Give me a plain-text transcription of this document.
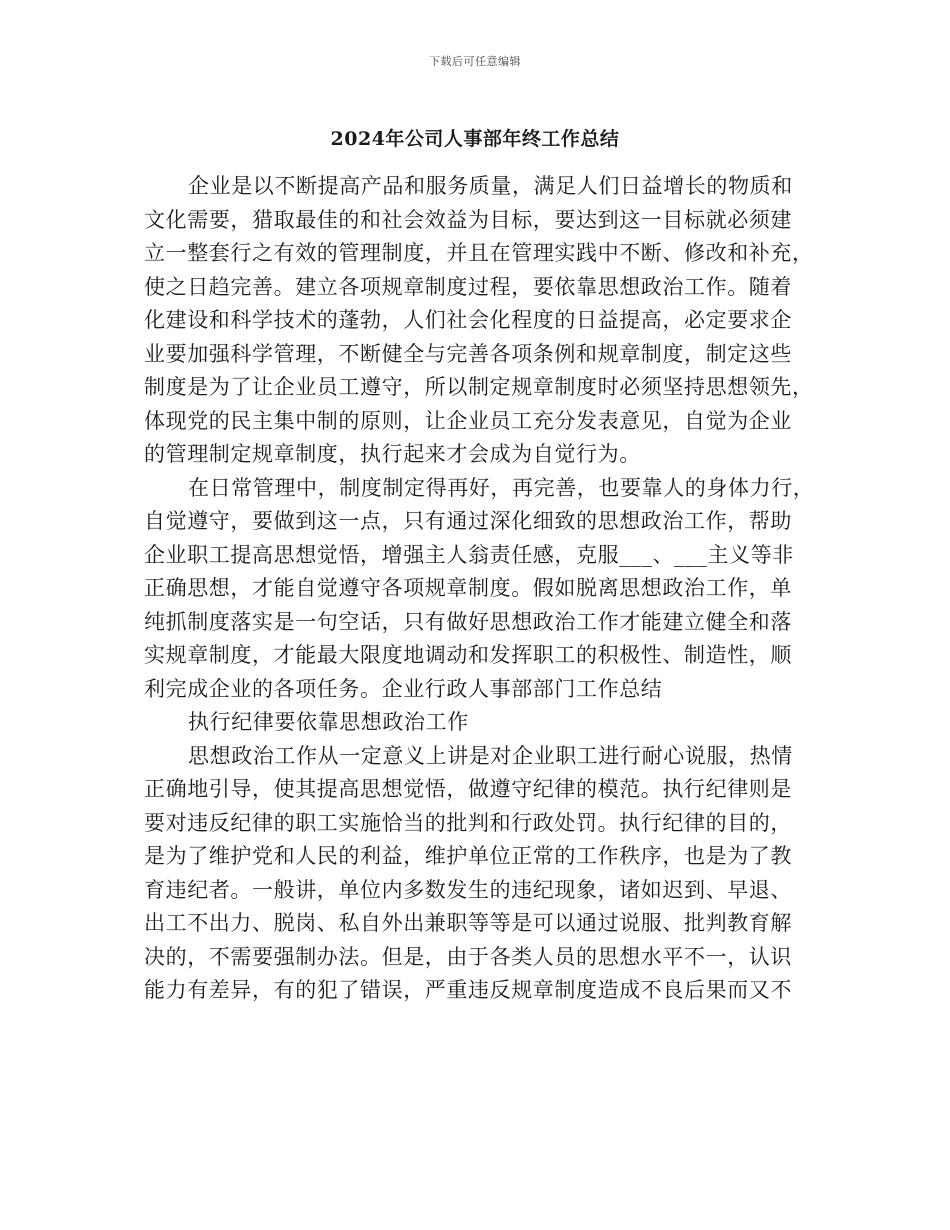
下载后可任意编辑
2024年公司人事部年终工作总结
企业是以不断提高产品和服务质量，满足人们日益增长的物质和
文化需要，猎取最佳的和社会效益为目标，要达到这一目标就必须建
立一整套行之有效的管理制度，并且在管理实践中不断、修改和补充，
使之日趋完善。建立各项规章制度过程，要依靠思想政治工作。随着
化建设和科学技术的蓬勃，人们社会化程度的日益提高，必定要求企
业要加强科学管理，不断健全与完善各项条例和规章制度，制定这些
制度是为了让企业员工遵守，所以制定规章制度时必须坚持思想领先，
体现党的民主集中制的原则，让企业员工充分发表意见，自觉为企业
的管理制定规章制度，执行起来才会成为自觉行为。
在日常管理中，制度制定得再好，再完善，也要靠人的身体力行，
自觉遵守，要做到这一点，只有通过深化细致的思想政治工作，帮助
企业职工提高思想觉悟，增强主人翁责任感，克服___、___主义等非
正确思想，才能自觉遵守各项规章制度。假如脱离思想政治工作，单
纯抓制度落实是一句空话，只有做好思想政治工作才能建立健全和落
实规章制度，才能最大限度地调动和发挥职工的积极性、制造性，顺
利完成企业的各项任务。企业行政人事部部门工作总结
执行纪律要依靠思想政治工作
思想政治工作从一定意义上讲是对企业职工进行耐心说服，热情
正确地引导，使其提高思想觉悟，做遵守纪律的模范。执行纪律则是
要对违反纪律的职工实施恰当的批判和行政处罚。执行纪律的目的，
是为了维护党和人民的利益，维护单位正常的工作秩序，也是为了教
育违纪者。一般讲，单位内多数发生的违纪现象，诸如迟到、早退、
出工不出力、脱岗、私自外出兼职等等是可以通过说服、批判教育解
决的，不需要强制办法。但是，由于各类人员的思想水平不一，认识
能力有差异，有的犯了错误，严重违反规章制度造成不良后果而又不
